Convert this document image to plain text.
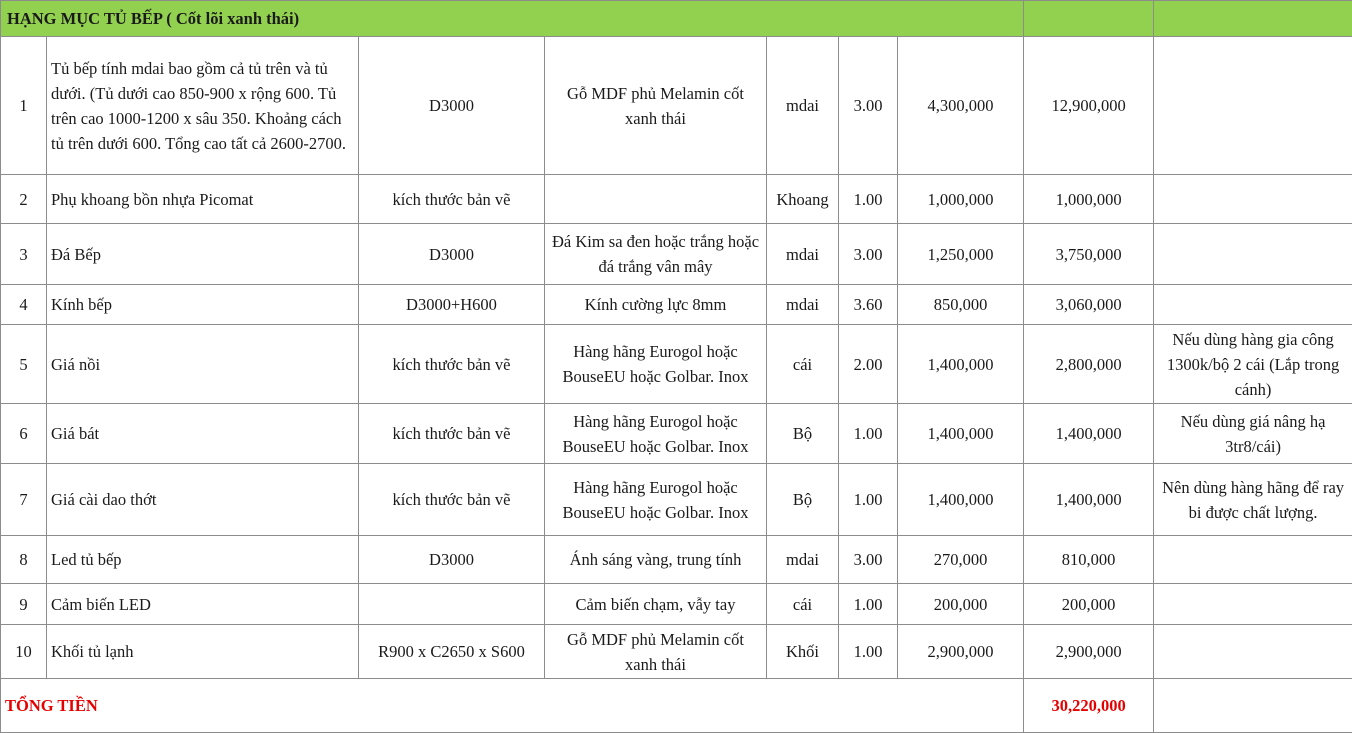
HẠNG MỤC TỦ BẾP ( Cốt lõi xanh thái)								
1	Tủ bếp tính mdai bao gồm cả tủ trên và tủ dưới. (Tủ dưới cao 850-900 x rộng 600. Tủ trên cao 1000-1200 x sâu 350. Khoảng cách tủ trên dưới 600. Tổng cao tất cả 2600-2700.	D3000	Gỗ MDF phủ Melamin cốt xanh thái	mdai	3.00	4,300,000	12,900,000	
2	Phụ khoang bồn nhựa Picomat	kích thước bản vẽ		Khoang	1.00	1,000,000	1,000,000	
3	Đá Bếp	D3000	Đá Kim sa đen hoặc trắng hoặc đá trắng vân mây	mdai	3.00	1,250,000	3,750,000	
4	Kính bếp	D3000+H600	Kính cường lực 8mm	mdai	3.60	850,000	3,060,000	
5	Giá nồi	kích thước bản vẽ	Hàng hãng Eurogol hoặc BouseEU hoặc Golbar. Inox	cái	2.00	1,400,000	2,800,000	Nếu dùng hàng gia công 1300k/bộ 2 cái (Lắp trong cánh)
6	Giá bát	kích thước bản vẽ	Hàng hãng Eurogol hoặc BouseEU hoặc Golbar. Inox	Bộ	1.00	1,400,000	1,400,000	Nếu dùng giá nâng hạ 3tr8/cái)
7	Giá cài dao thớt	kích thước bản vẽ	Hàng hãng Eurogol hoặc BouseEU hoặc Golbar. Inox	Bộ	1.00	1,400,000	1,400,000	Nên dùng hàng hãng để ray bi được chất lượng.
8	Led tủ bếp	D3000	Ánh sáng vàng, trung tính	mdai	3.00	270,000	810,000	
9	Cảm biến LED		Cảm biến chạm, vẫy tay	cái	1.00	200,000	200,000	
10	Khối tủ lạnh	R900 x C2650 x S600	Gỗ MDF phủ Melamin cốt xanh thái	Khối	1.00	2,900,000	2,900,000	
TỔNG TIỀN							30,220,000	
